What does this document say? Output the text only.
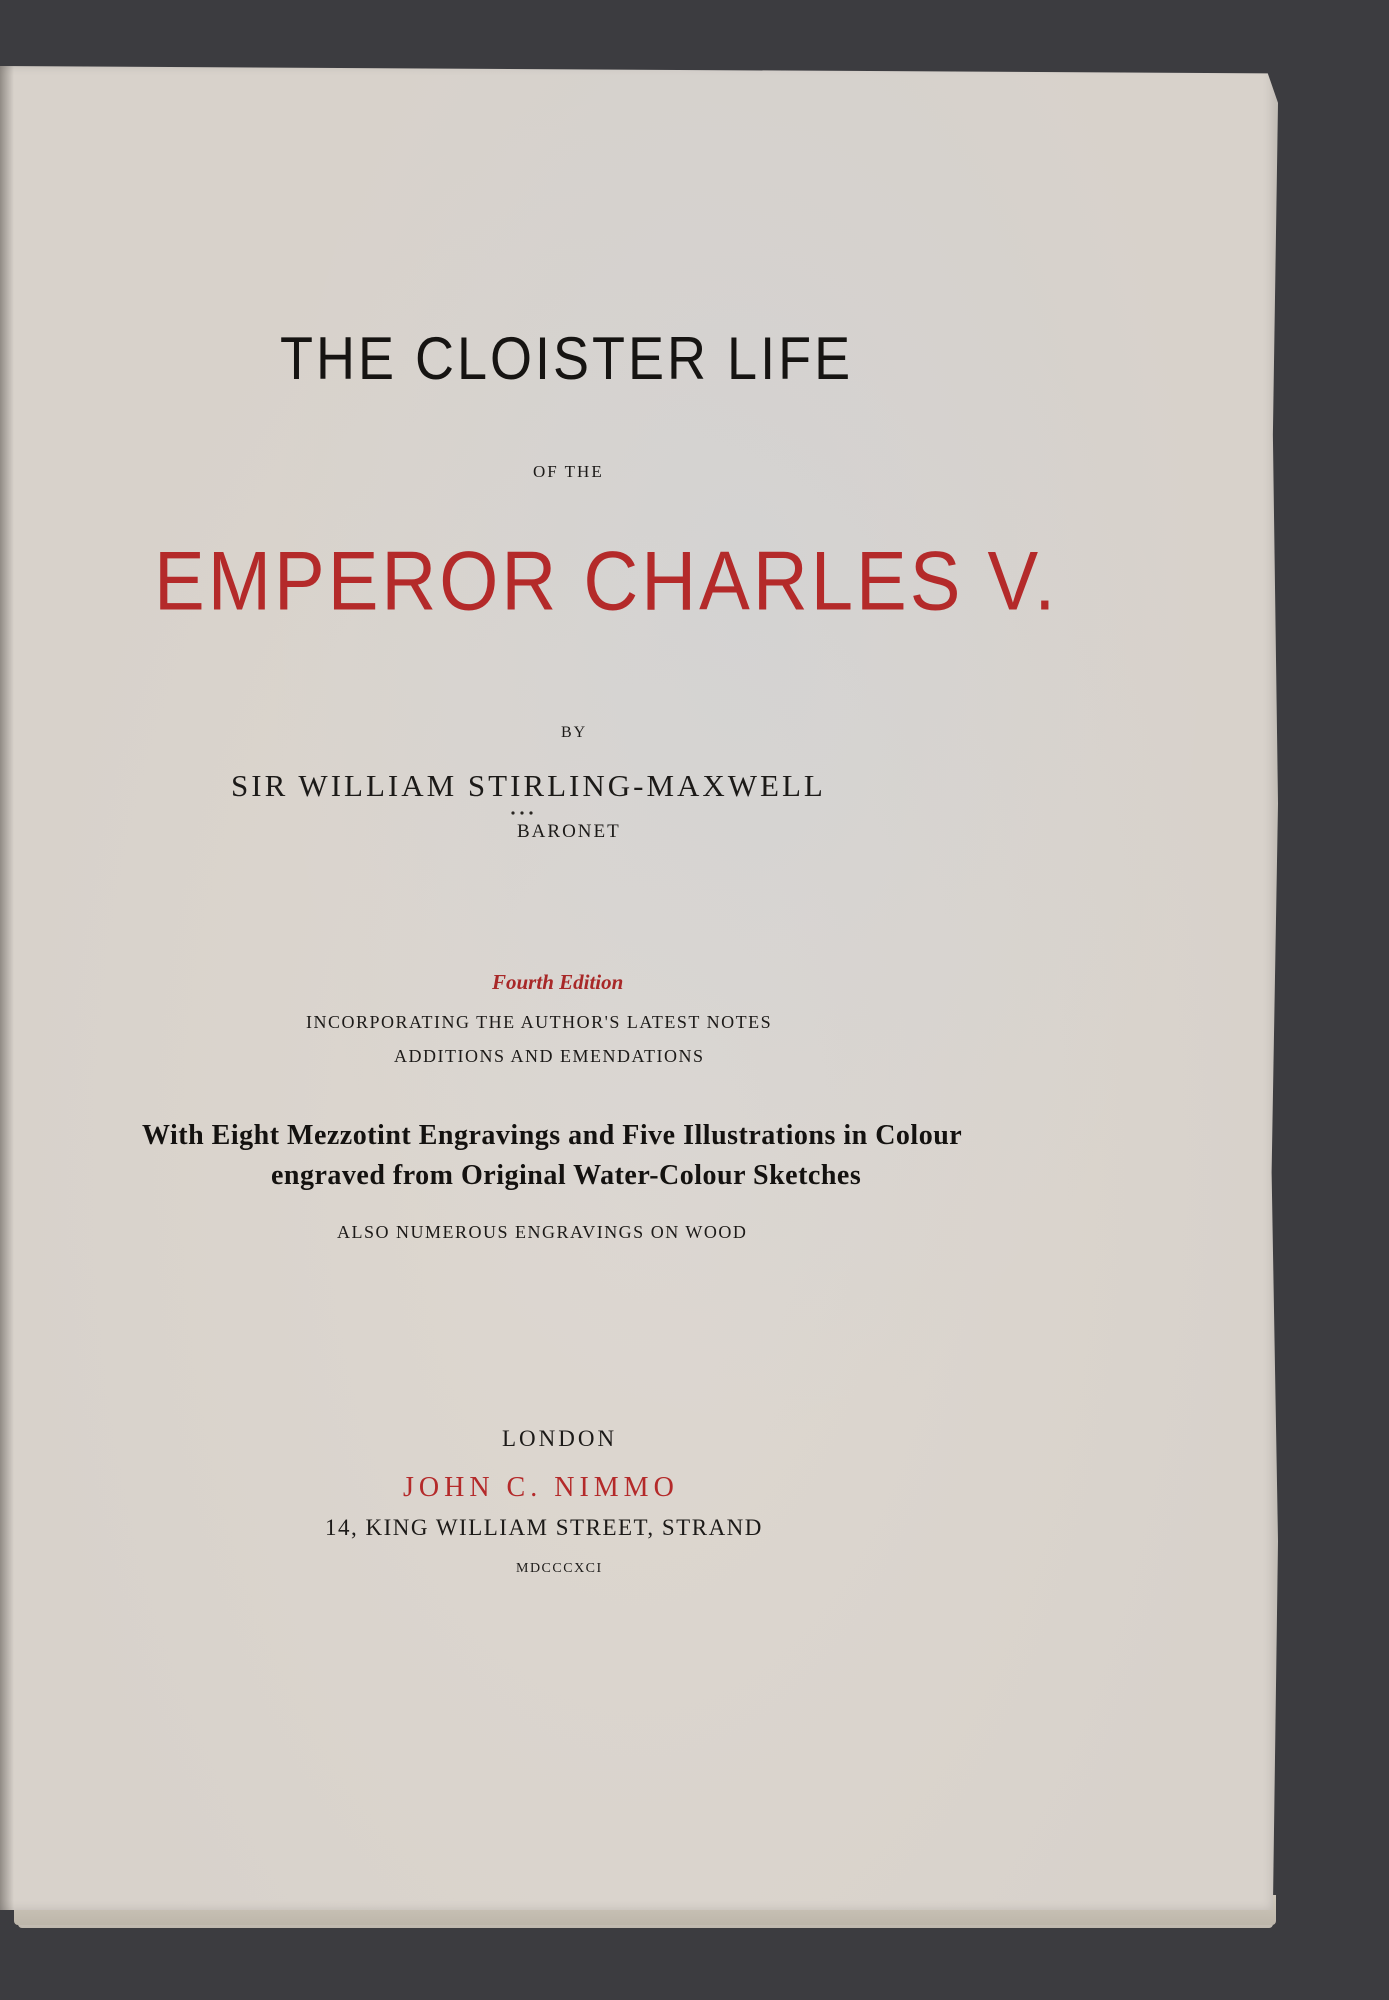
THE CLOISTER LIFE
OF THE
EMPEROR CHARLES V.
BY
SIR WILLIAM STIRLING-MAXWELL
BARONET
Fourth Edition
INCORPORATING THE AUTHOR'S LATEST NOTES
ADDITIONS AND EMENDATIONS
With Eight Mezzotint Engravings and Five Illustrations in Colour
engraved from Original Water-Colour Sketches
ALSO NUMEROUS ENGRAVINGS ON WOOD
LONDON
JOHN C. NIMMO
14, KING WILLIAM STREET, STRAND
MDCCCXCI
